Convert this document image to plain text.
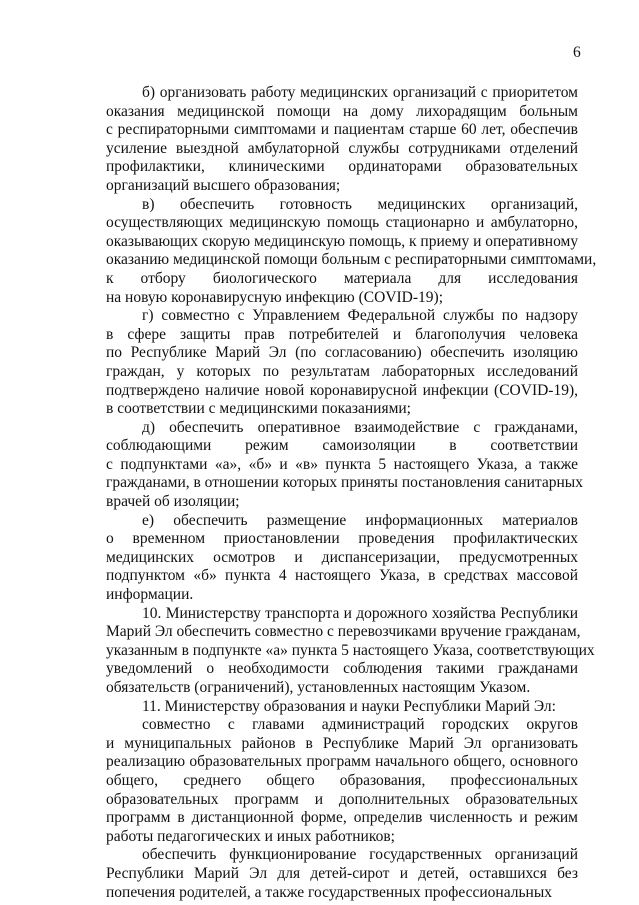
6
б) организовать работу медицинских организаций с приоритетом
оказания медицинской помощи на дому лихорадящим больным
с респираторными симптомами и пациентам старше 60 лет, обеспечив
усиление выездной амбулаторной службы сотрудниками отделений
профилактики, клиническими ординаторами образовательных
организаций высшего образования;
в) обеспечить готовность медицинских организаций,
осуществляющих медицинскую помощь стационарно и амбулаторно,
оказывающих скорую медицинскую помощь, к приему и оперативному
оказанию медицинской помощи больным с респираторными симптомами,
к отбору биологического материала для исследования
на новую коронавирусную инфекцию (COVID-19);
г) совместно с Управлением Федеральной службы по надзору
в сфере защиты прав потребителей и благополучия человека
по Республике Марий Эл (по согласованию) обеспечить изоляцию
граждан, у которых по результатам лабораторных исследований
подтверждено наличие новой коронавирусной инфекции (COVID-19),
в соответствии с медицинскими показаниями;
д) обеспечить оперативное взаимодействие с гражданами,
соблюдающими режим самоизоляции в соответствии
с подпунктами «а», «б» и «в» пункта 5 настоящего Указа, а также
гражданами, в отношении которых приняты постановления санитарных
врачей об изоляции;
е) обеспечить размещение информационных материалов
о временном приостановлении проведения профилактических
медицинских осмотров и диспансеризации, предусмотренных
подпунктом «б» пункта 4 настоящего Указа, в средствах массовой
информации.
10. Министерству транспорта и дорожного хозяйства Республики
Марий Эл обеспечить совместно с перевозчиками вручение гражданам,
указанным в подпункте «а» пункта 5 настоящего Указа, соответствующих
уведомлений о необходимости соблюдения такими гражданами
обязательств (ограничений), установленных настоящим Указом.
11. Министерству образования и науки Республики Марий Эл:
совместно с главами администраций городских округов
и муниципальных районов в Республике Марий Эл организовать
реализацию образовательных программ начального общего, основного
общего, среднего общего образования, профессиональных
образовательных программ и дополнительных образовательных
программ в дистанционной форме, определив численность и режим
работы педагогических и иных работников;
обеспечить функционирование государственных организаций
Республики Марий Эл для детей-сирот и детей, оставшихся без
попечения родителей, а также государственных профессиональных
